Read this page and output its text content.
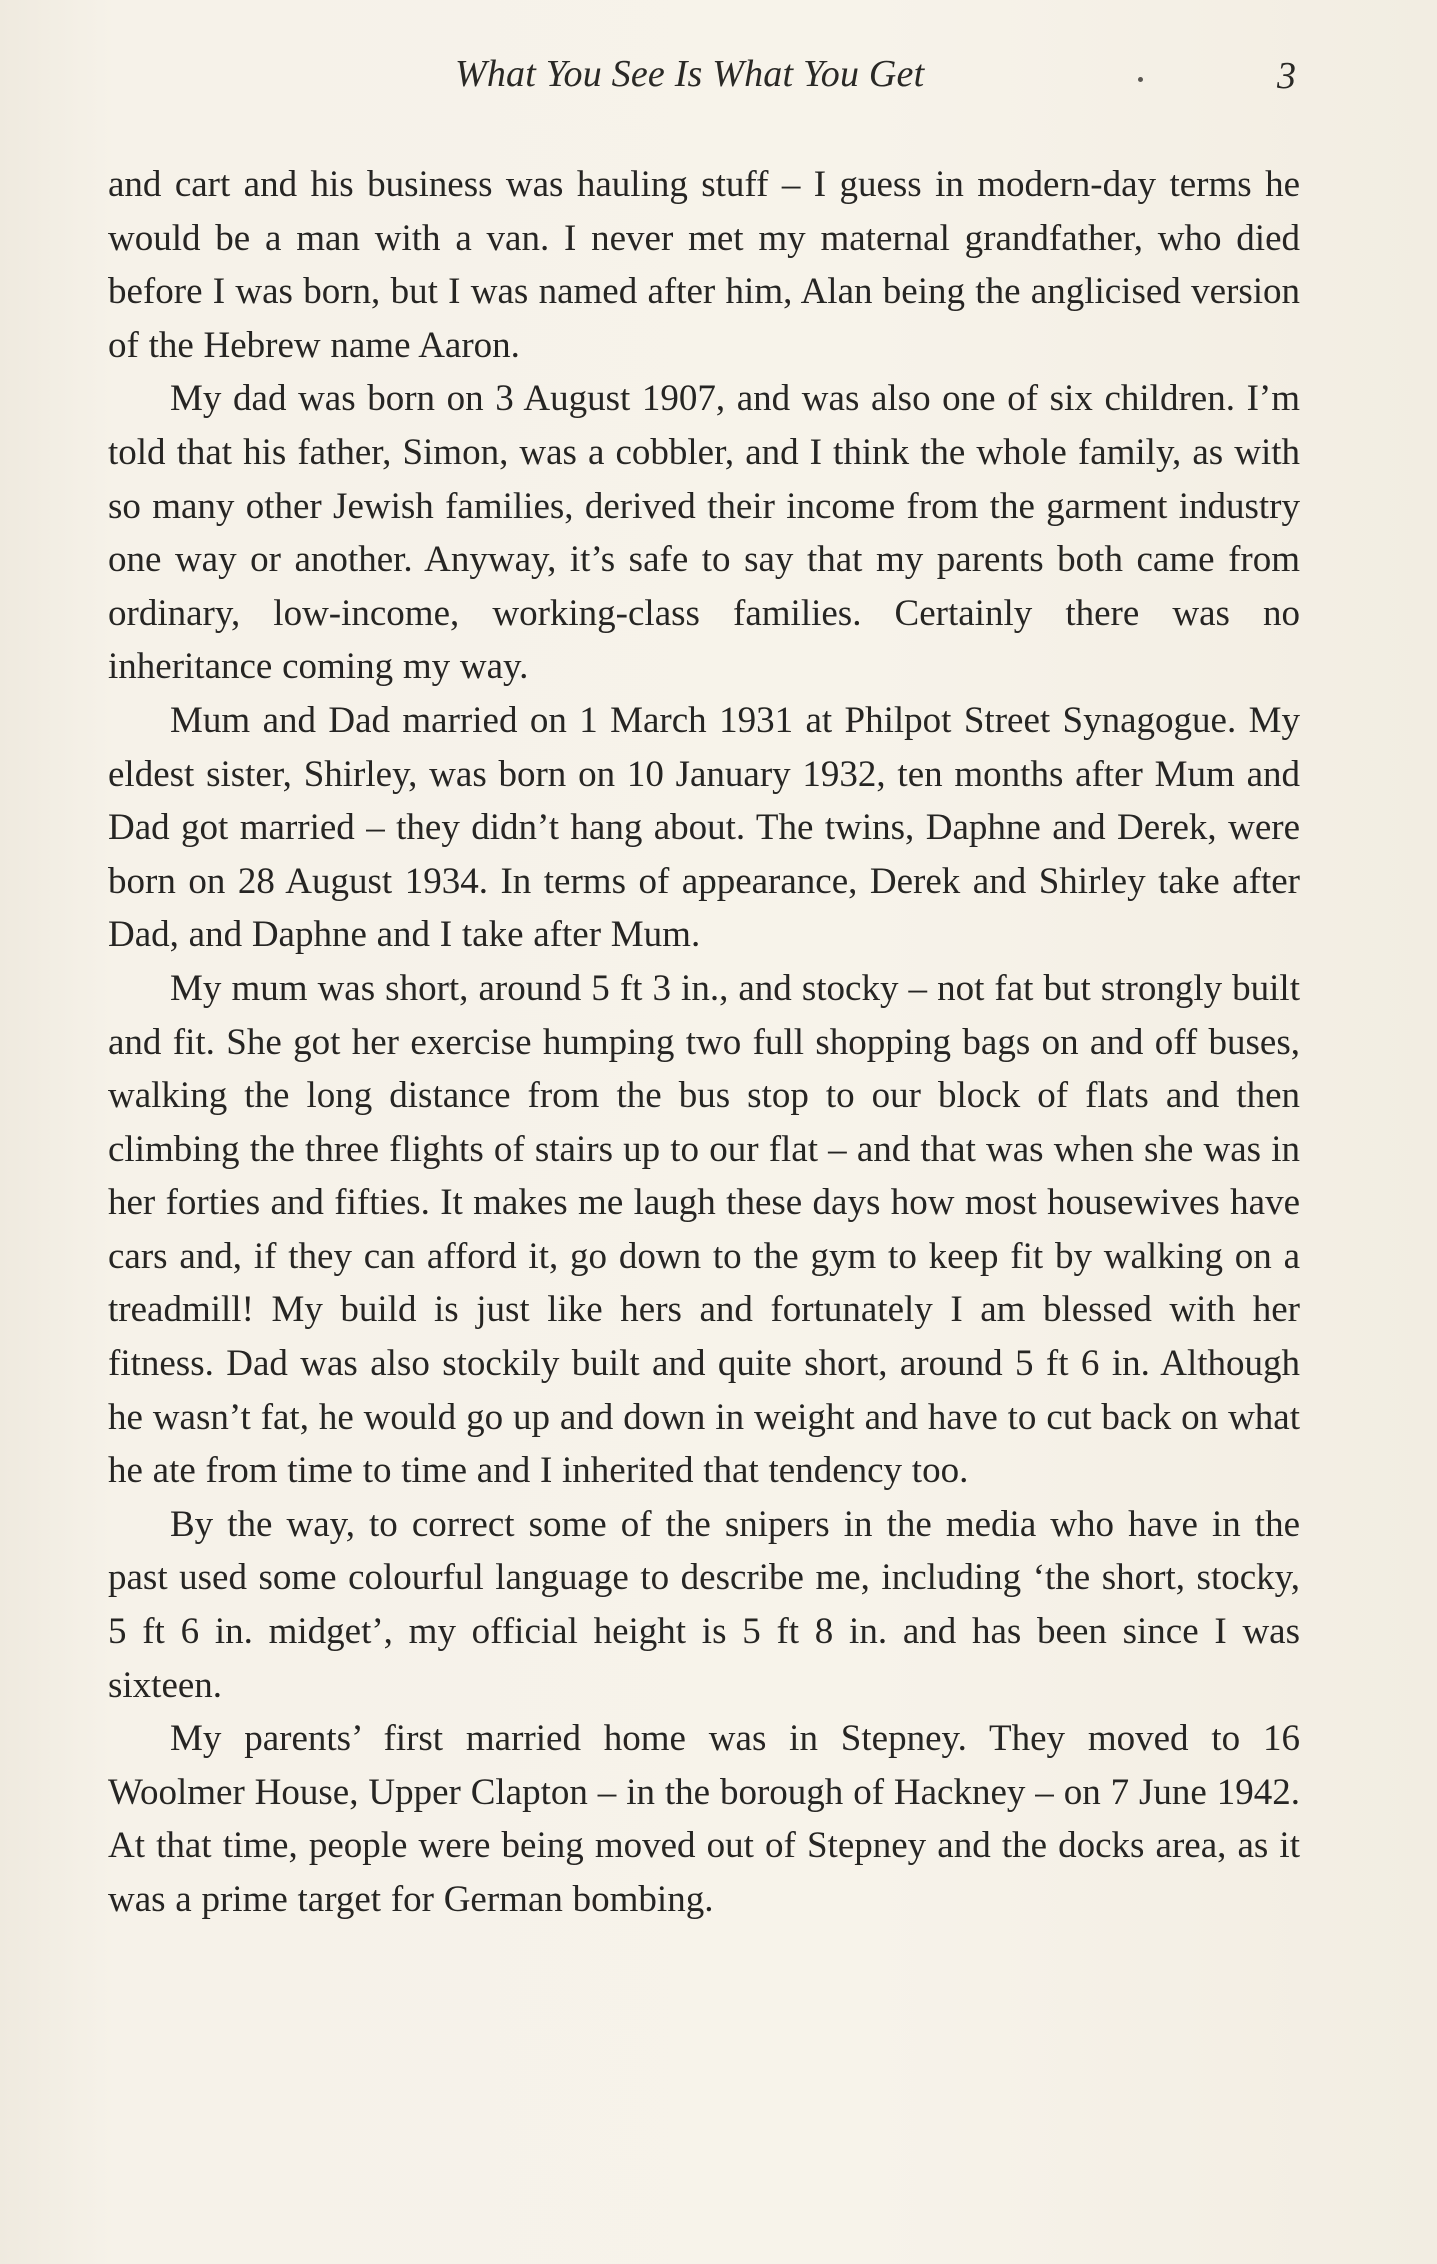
What You See Is What You Get	3

and cart and his business was hauling stuff – I guess in modern-day terms he would be a man with a van. I never met my maternal grandfather, who died before I was born, but I was named after him, Alan being the anglicised version of the Hebrew name Aaron.

My dad was born on 3 August 1907, and was also one of six children. I’m told that his father, Simon, was a cobbler, and I think the whole family, as with so many other Jewish families, derived their income from the garment industry one way or another. Anyway, it’s safe to say that my parents both came from ordinary, low-income, working-class families. Certainly there was no inheritance coming my way.

Mum and Dad married on 1 March 1931 at Philpot Street Synagogue. My eldest sister, Shirley, was born on 10 January 1932, ten months after Mum and Dad got married – they didn’t hang about. The twins, Daphne and Derek, were born on 28 August 1934. In terms of appearance, Derek and Shirley take after Dad, and Daphne and I take after Mum.

My mum was short, around 5 ft 3 in., and stocky – not fat but strongly built and fit. She got her exercise humping two full shopping bags on and off buses, walking the long distance from the bus stop to our block of flats and then climbing the three flights of stairs up to our flat – and that was when she was in her forties and fifties. It makes me laugh these days how most housewives have cars and, if they can afford it, go down to the gym to keep fit by walking on a treadmill! My build is just like hers and fortunately I am blessed with her fitness. Dad was also stockily built and quite short, around 5 ft 6 in. Although he wasn’t fat, he would go up and down in weight and have to cut back on what he ate from time to time and I inherited that tendency too.

By the way, to correct some of the snipers in the media who have in the past used some colourful language to describe me, including ‘the short, stocky, 5 ft 6 in. midget’, my official height is 5 ft 8 in. and has been since I was sixteen.

My parents’ first married home was in Stepney. They moved to 16 Woolmer House, Upper Clapton – in the borough of Hackney – on 7 June 1942. At that time, people were being moved out of Stepney and the docks area, as it was a prime target for German bombing.
